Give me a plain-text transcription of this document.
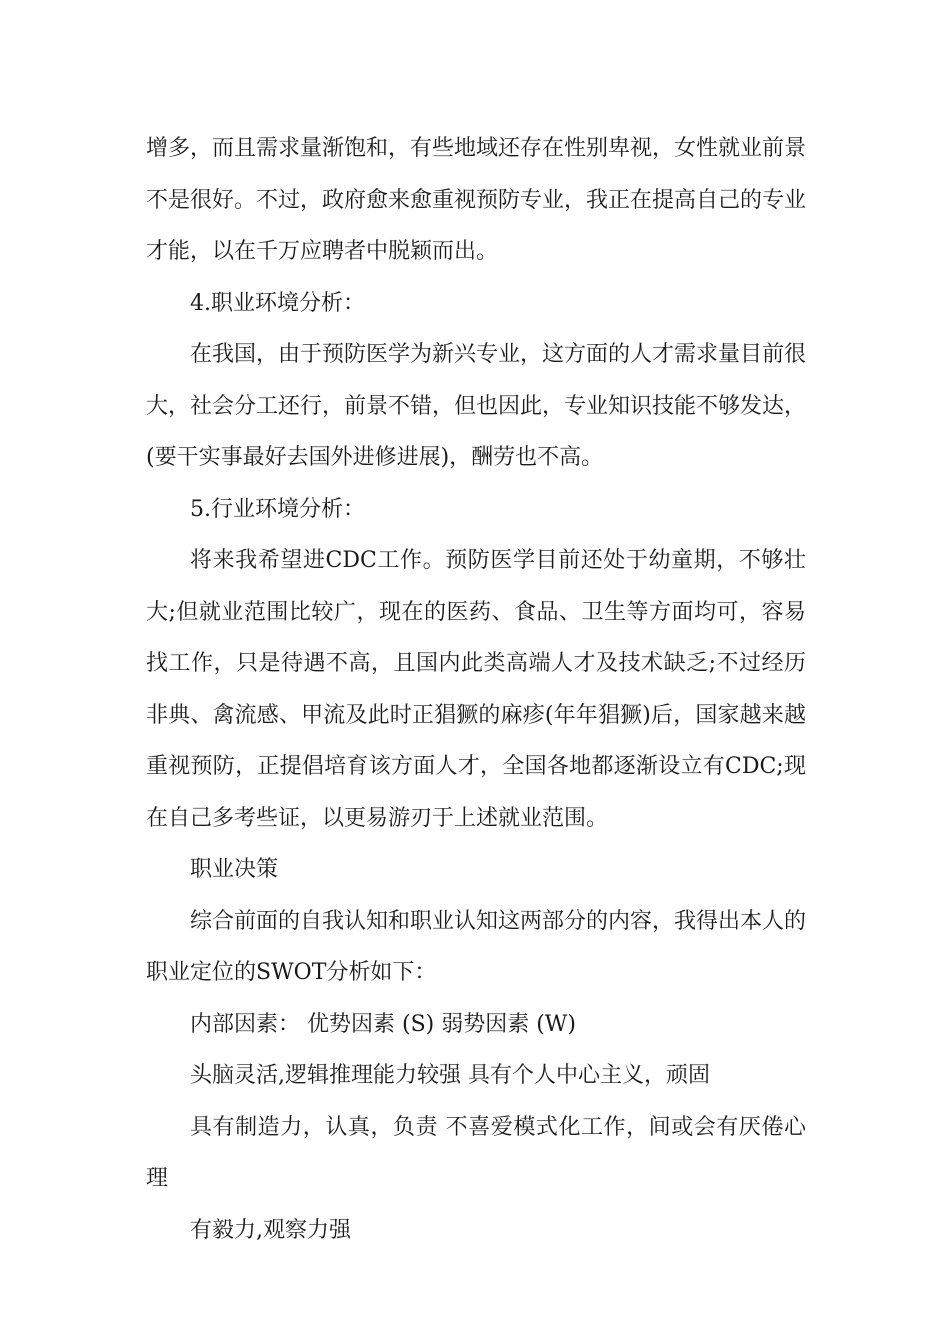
增多，而且需求量渐饱和，有些地域还存在性别卑视，女性就业前景不是很好。不过，政府愈来愈重视预防专业，我正在提高自己的专业才能，以在千万应聘者中脱颖而出。

4.职业环境分析：

在我国，由于预防医学为新兴专业，这方面的人才需求量目前很大，社会分工还行，前景不错，但也因此，专业知识技能不够发达，(要干实事最好去国外进修进展)，酬劳也不高。

5.行业环境分析：

将来我希望进CDC工作。预防医学目前还处于幼童期，不够壮大;但就业范围比较广，现在的医药、食品、卫生等方面均可，容易找工作，只是待遇不高，且国内此类高端人才及技术缺乏;不过经历非典、禽流感、甲流及此时正猖獗的麻疹(年年猖獗)后，国家越来越重视预防，正提倡培育该方面人才，全国各地都逐渐设立有CDC;现在自己多考些证，以更易游刃于上述就业范围。

职业决策

综合前面的自我认知和职业认知这两部分的内容，我得出本人的职业定位的SWOT分析如下：

内部因素： 优势因素 (S) 弱势因素 (W)

头脑灵活,逻辑推理能力较强 具有个人中心主义，顽固

具有制造力，认真，负责 不喜爱模式化工作，间或会有厌倦心理

有毅力,观察力强
